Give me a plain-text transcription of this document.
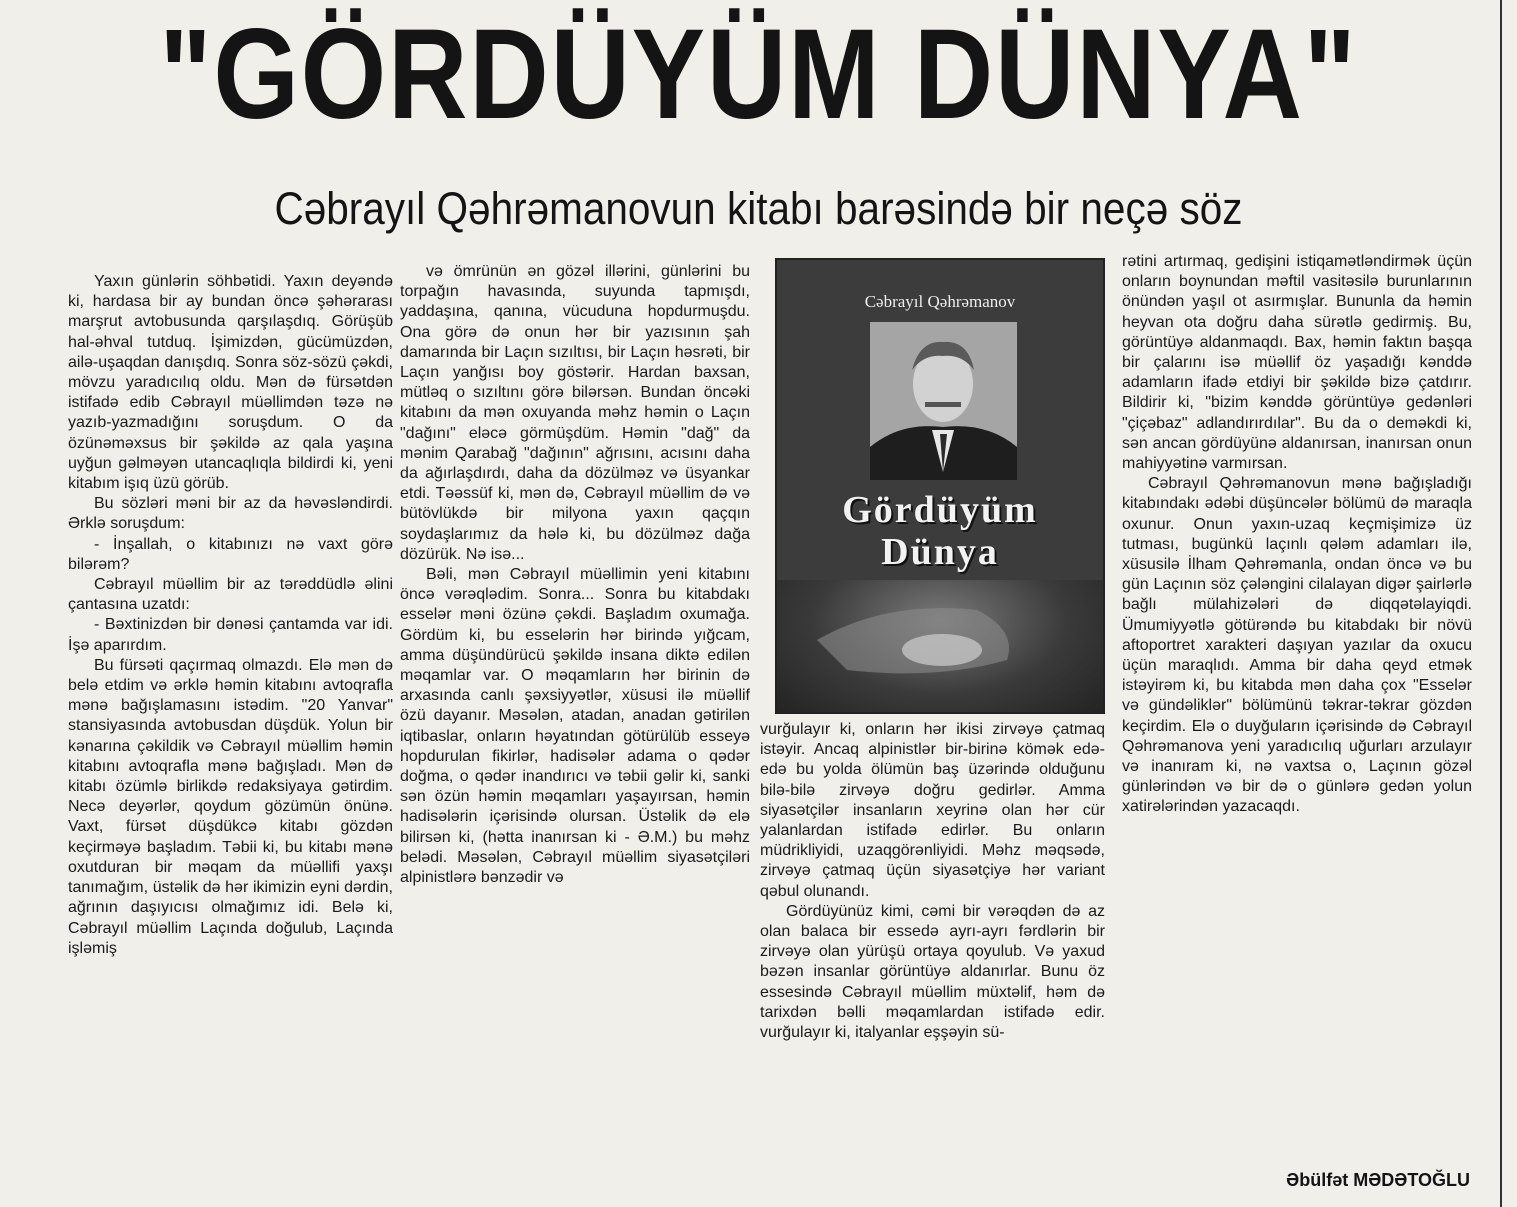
"GÖRDÜYÜM DÜNYA"
Cəbrayıl Qəhrəmanovun kitabı barəsində bir neçə söz

Yaxın günlərin söhbətidi. Yaxın deyəndə ki, hardasa bir ay bundan öncə şəhərarası marşrut avtobusunda qarşılaşdıq. Görüşüb hal-əhval tutduq. İşimizdən, gücümüzdən, ailə-uşaqdan danışdıq. Sonra söz-sözü çəkdi, mövzu yaradıcılıq oldu. Mən də fürsətdən istifadə edib Cəbrayıl müəllimdən təzə nə yazıb-yazmadığını soruşdum. O da özünəməxsus bir şəkildə az qala yaşına uyğun gəlməyən utancaqlıqla bildirdi ki, yeni kitabım işıq üzü görüb.

Bu sözləri məni bir az da həvəsləndirdi. Ərklə soruşdum:

- İnşallah, o kitabınızı nə vaxt görə bilərəm?

Cəbrayıl müəllim bir az tərəddüdlə əlini çantasına uzatdı:

- Bəxtinizdən bir dənəsi çantamda var idi. İşə aparırdım.

Bu fürsəti qaçırmaq olmazdı. Elə mən də belə etdim və ərklə həmin kitabını avtoqrafla mənə bağışlamasını istədim. "20 Yanvar" stansiyasında avtobusdan düşdük. Yolun bir kənarına çəkildik və Cəbrayıl müəllim həmin kitabını avtoqrafla mənə bağışladı. Mən də kitabı özümlə birlikdə redaksiyaya gətirdim. Necə deyərlər, qoydum gözümün önünə. Vaxt, fürsət düşdükcə kitabı gözdən keçirməyə başladım. Təbii ki, bu kitabı mənə oxutduran bir məqam da müəllifi yaxşı tanımağım, üstəlik də hər ikimizin eyni dərdin, ağrının daşıyıcısı olmağımız idi. Belə ki, Cəbrayıl müəllim Laçında doğulub, Laçında işləmiş

və ömrünün ən gözəl illərini, günlərini bu torpağın havasında, suyunda tapmışdı, yaddaşına, qanına, vücuduna hopdurmuşdu. Ona görə də onun hər bir yazısının şah damarında bir Laçın sızıltısı, bir Laçın həsrəti, bir Laçın yanğısı boy göstərir. Hardan baxsan, mütləq o sızıltını görə bilərsən. Bundan öncəki kitabını da mən oxuyanda məhz həmin o Laçın "dağını" eləcə görmüşdüm. Həmin "dağ" da mənim Qarabağ "dağının" ağrısını, acısını daha da ağırlaşdırdı, daha da dözülməz və üsyankar etdi. Təəssüf ki, mən də, Cəbrayıl müəllim də və bütövlükdə bir milyona yaxın qaçqın soydaşlarımız da hələ ki, bu dözülməz dağa dözürük. Nə isə...

Bəli, mən Cəbrayıl müəllimin yeni kitabını öncə vərəqlədim. Sonra... Sonra bu kitabdakı esselər məni özünə çəkdi. Başladım oxumağa. Gördüm ki, bu esselərin hər birində yığcam, amma düşündürücü şəkildə insana diktə edilən məqamlar var. O məqamların hər birinin də arxasında canlı şəxsiyyətlər, xüsusi ilə müəllif özü dayanır. Məsələn, atadan, anadan gətirilən iqtibaslar, onların həyatından götürülüb esseyə hopdurulan fikirlər, hadisələr adama o qədər doğma, o qədər inandırıcı və təbii gəlir ki, sanki sən özün həmin məqamları yaşayırsan, həmin hadisələrin içərisində olursan. Üstəlik də elə bilirsən ki, (hətta inanırsan ki - Ə.M.) bu məhz belədi. Məsələn, Cəbrayıl müəllim siyasətçiləri alpinistlərə bənzədir və

Cəbrayıl Qəhrəmanov
Gördüyüm
Dünya

vurğulayır ki, onların hər ikisi zirvəyə çatmaq istəyir. Ancaq alpinistlər bir-birinə kömək edə-edə bu yolda ölümün baş üzərində olduğunu bilə-bilə zirvəyə doğru gedirlər. Amma siyasətçilər insanların xeyrinə olan hər cür yalanlardan istifadə edirlər. Bu onların müdrikliyidi, uzaqgörənliyidi. Məhz məqsədə, zirvəyə çatmaq üçün siyasətçiyə hər variant qəbul olunandı.

Gördüyünüz kimi, cəmi bir vərəqdən də az olan balaca bir essedə ayrı-ayrı fərdlərin bir zirvəyə olan yürüşü ortaya qoyulub. Və yaxud bəzən insanlar görüntüyə aldanırlar. Bunu öz essesində Cəbrayıl müəllim müxtəlif, həm də tarixdən bəlli məqamlardan istifadə edir. vurğulayır ki, italyanlar eşşəyin sü-

rətini artırmaq, gedişini istiqamətləndirmək üçün onların boynundan məftil vasitəsilə burunlarının önündən yaşıl ot asırmışlar. Bununla da həmin heyvan ota doğru daha sürətlə gedirmiş. Bu, görüntüyə aldanmaqdı. Bax, həmin faktın başqa bir çalarını isə müəllif öz yaşadığı kənddə adamların ifadə etdiyi bir şəkildə bizə çatdırır. Bildirir ki, "bizim kənddə görüntüyə gedənləri "çiçəbaz" adlandırırdılar". Bu da o deməkdi ki, sən ancan gördüyünə aldanırsan, inanırsan onun mahiyyətinə varmırsan.

Cəbrayıl Qəhrəmanovun mənə bağışladığı kitabındakı ədəbi düşüncələr bölümü də maraqla oxunur. Onun yaxın-uzaq keçmişimizə üz tutması, bugünkü laçınlı qələm adamları ilə, xüsusilə İlham Qəhrəmanla, ondan öncə və bu gün Laçının söz çələngini cilalayan digər şairlərlə bağlı mülahizələri də diqqətəlayiqdi. Ümumiyyətlə götürəndə bu kitabdakı bir növü aftoportret xarakteri daşıyan yazılar da oxucu üçün maraqlıdı. Amma bir daha qeyd etmək istəyirəm ki, bu kitabda mən daha çox "Esselər və gündəliklər" bölümünü təkrar-təkrar gözdən keçirdim. Elə o duyğuların içərisində də Cəbrayıl Qəhrəmanova yeni yaradıcılıq uğurları arzulayır və inanıram ki, nə vaxtsa o, Laçının gözəl günlərindən və bir də o günlərə gedən yolun xatirələrindən yazacaqdı.

Əbülfət MƏDƏTOĞLU
